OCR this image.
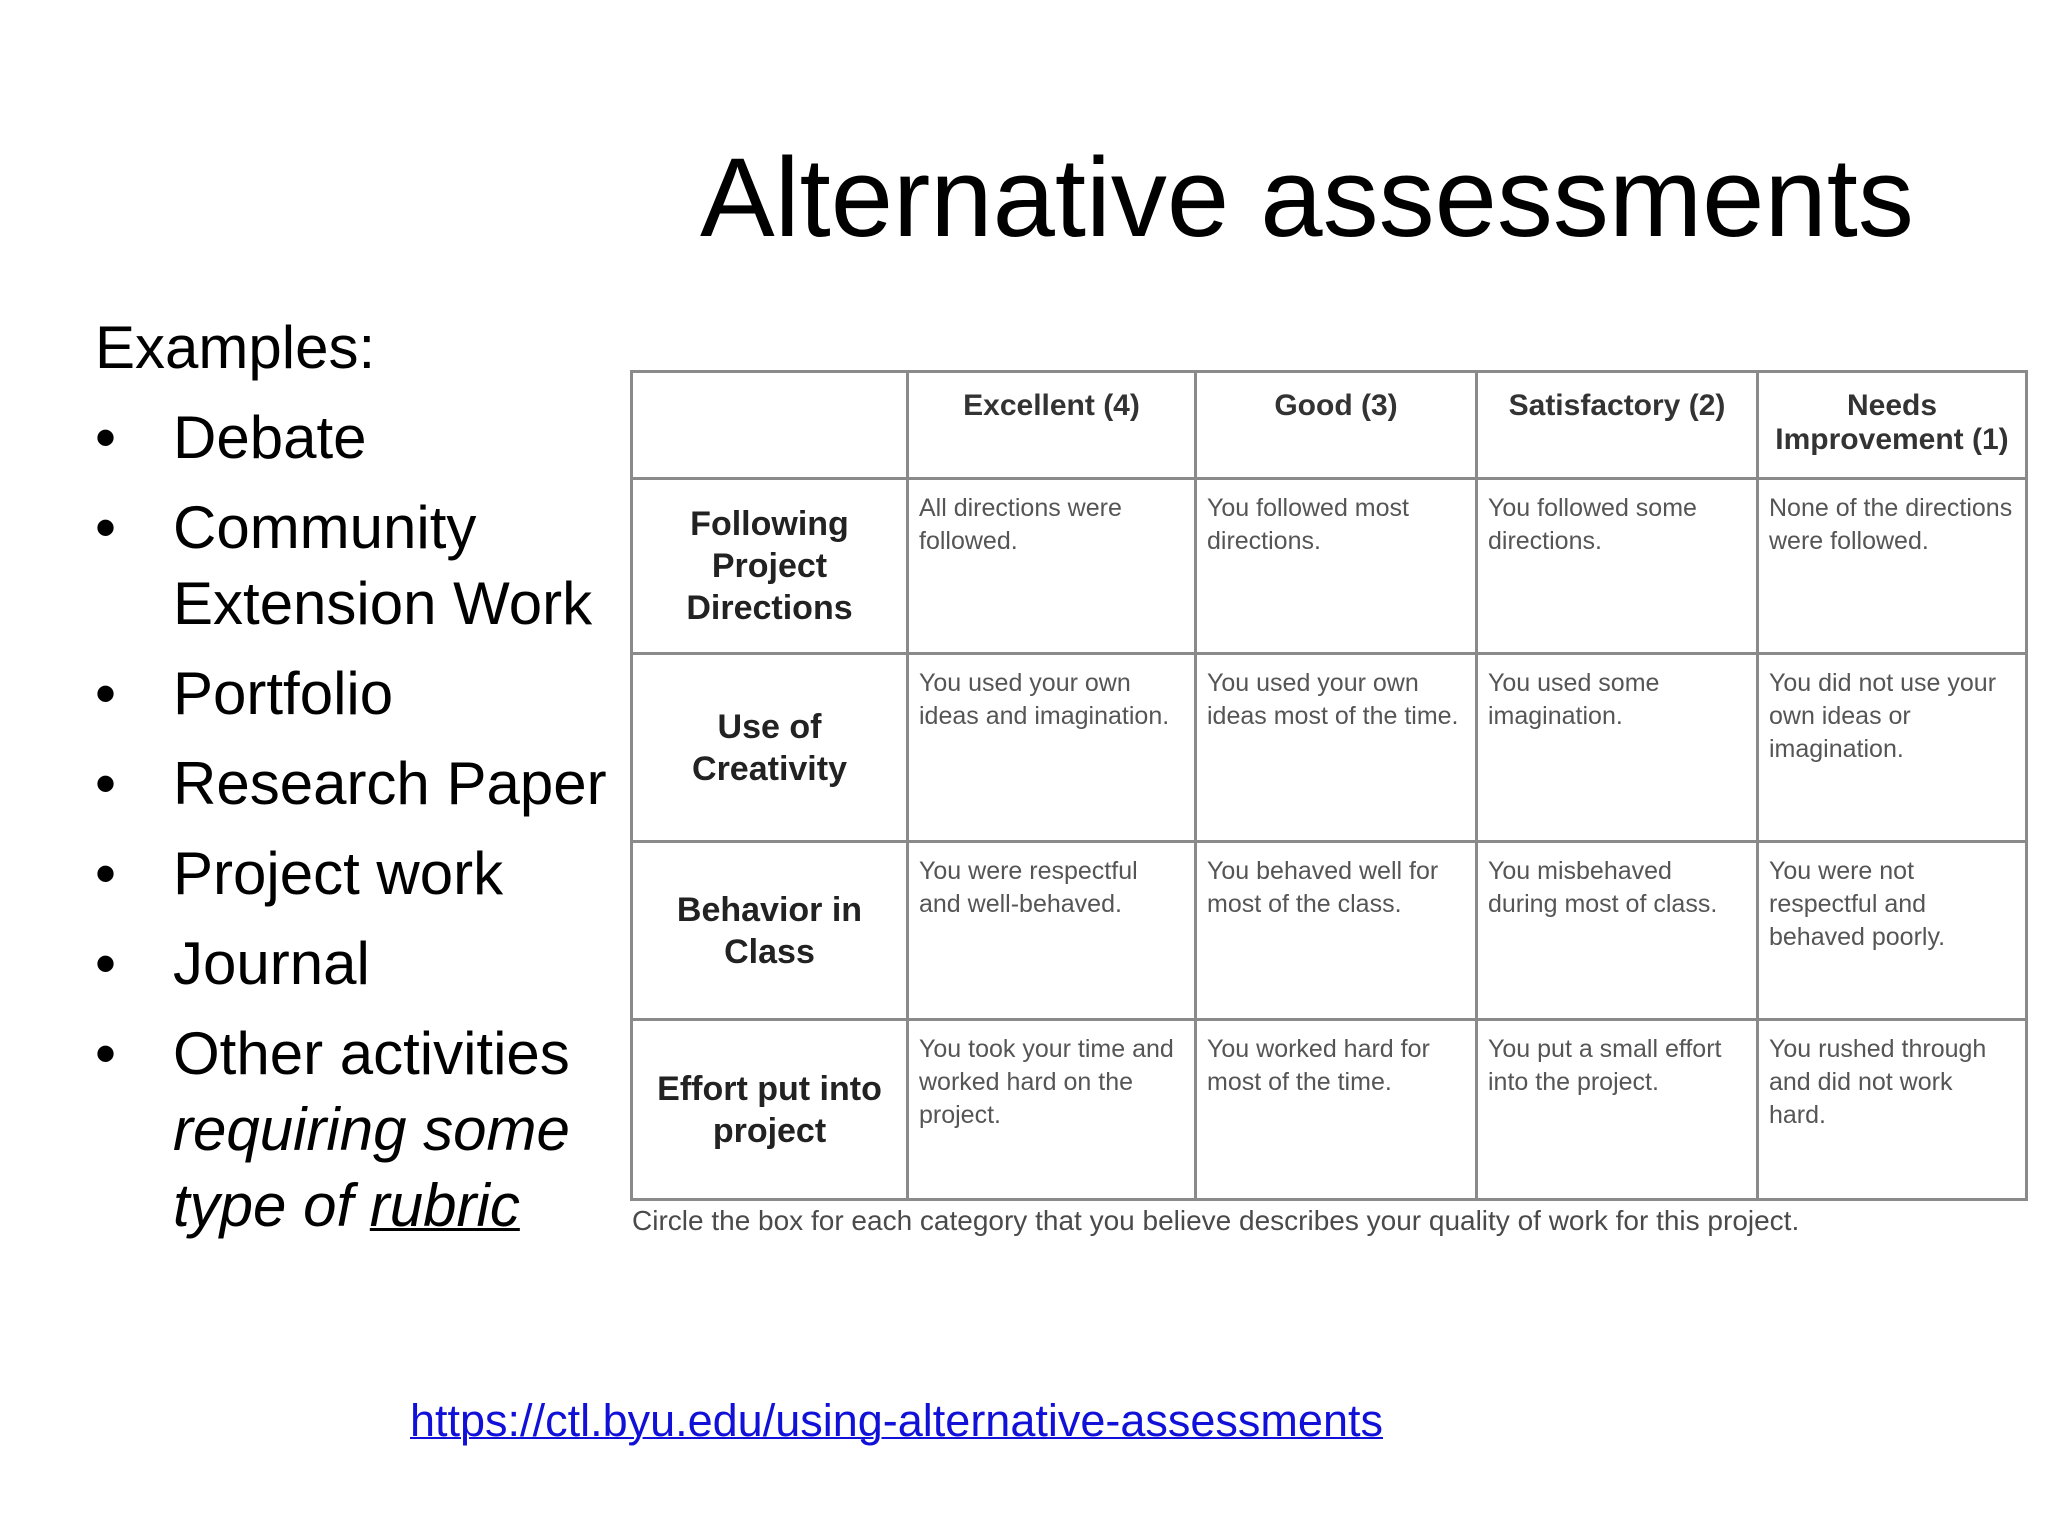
Alternative assessments
Examples:
• Debate
• Community Extension Work
• Portfolio
• Research Paper
• Project work
• Journal
• Other activities
requiring some
type of rubric
	Excellent (4)	Good (3)	Satisfactory (2)	Needs Improvement (1)
Following Project Directions	All directions were followed.	You followed most directions.	You followed some directions.	None of the directions were followed.
Use of Creativity	You used your own ideas and imagination.	You used your own ideas most of the time.	You used some imagination.	You did not use your own ideas or imagination.
Behavior in Class	You were respectful and well-behaved.	You behaved well for most of the class.	You misbehaved during most of class.	You were not respectful and behaved poorly.
Effort put into project	You took your time and worked hard on the project.	You worked hard for most of the time.	You put a small effort into the project.	You rushed through and did not work hard.
Circle the box for each category that you believe describes your quality of work for this project.
https://ctl.byu.edu/using-alternative-assessments
